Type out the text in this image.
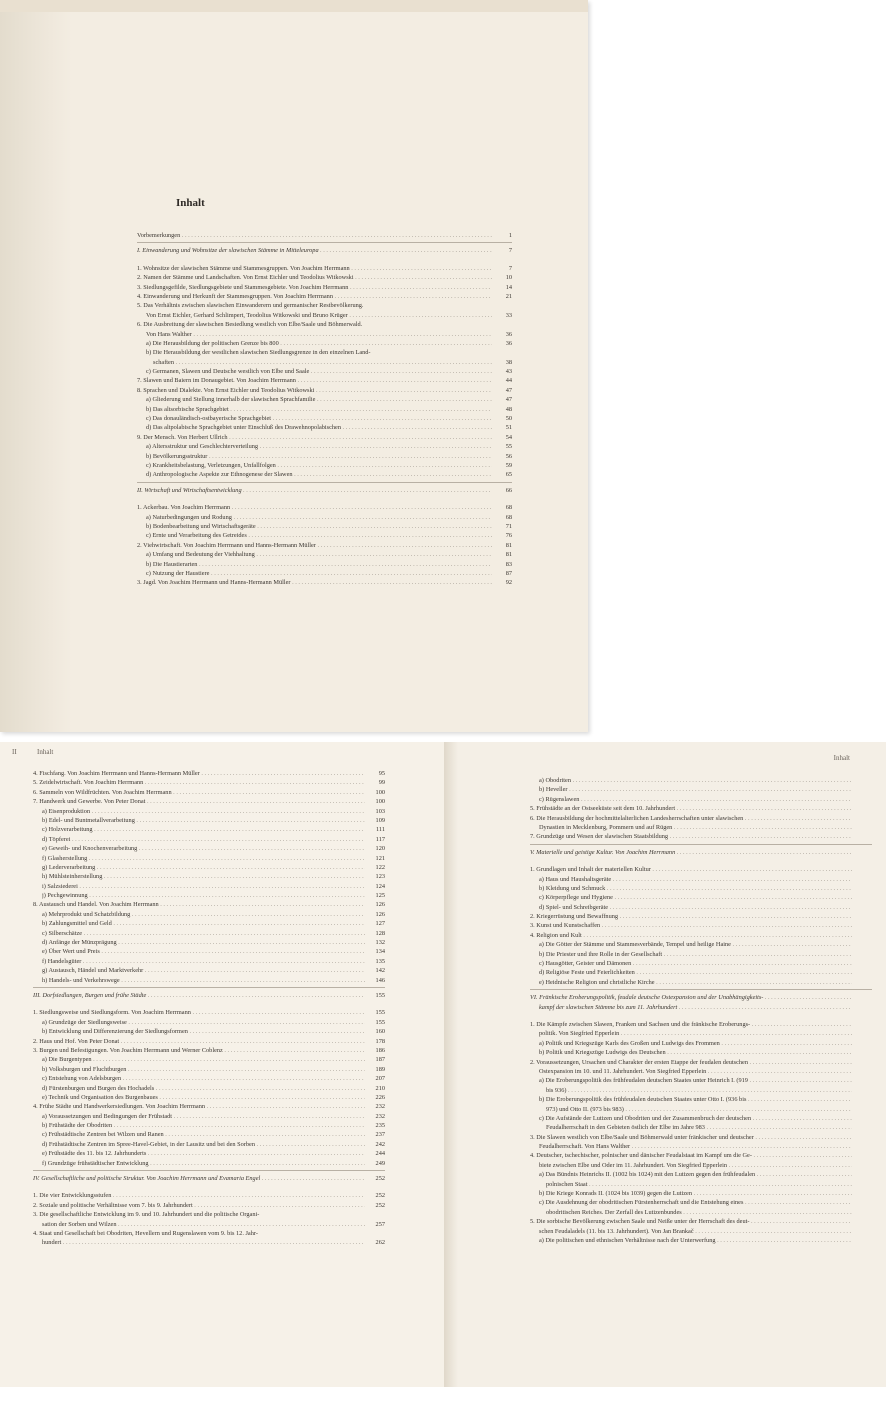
Inhalt
Vorbemerkungen . . .	1
I. Einwanderung und Wohnsitze der slawischen Stämme in Mitteleuropa . . .	7
1. Wohnsitze der slawischen Stämme und Stammesgruppen. Von Joachim Herrmann . . .	7
2. Namen der Stämme und Landschaften. Von Ernst Eichler und Teodolius Witkowski . . .	10
3. Siedlungsgefilde, Siedlungsgebiete und Stammesgebiete. Von Joachim Herrmann . . .	14
4. Einwanderung und Herkunft der Stammesgruppen. Von Joachim Herrmann . . .	21
5. Das Verhältnis zwischen slawischen Einwanderern und germanischer Restbevölkerung.
Von Ernst Eichler, Gerhard Schlimpert, Teodolius Witkowski und Bruno Krüger . . .	33
6. Die Ausbreitung der slawischen Besiedlung westlich von Elbe/Saale und Böhmerwald.
Von Hans Walther . . .	36
a) Die Herausbildung der politischen Grenze bis 800 . . .	36
b) Die Herausbildung der westlichen slawischen Siedlungsgrenze in den einzelnen Land-
schaften . . .	38
c) Germanen, Slawen und Deutsche westlich von Elbe und Saale . . .	43
7. Slawen und Baiern im Donaugebiet. Von Joachim Herrmann . . .	44
8. Sprachen und Dialekte. Von Ernst Eichler und Teodolius Witkowski . . .	47
a) Gliederung und Stellung innerhalb der slawischen Sprachfamilie . . .	47
b) Das altsorbische Sprachgebiet . . .	48
c) Das donauländisch-ostbayerische Sprachgebiet . . .	50
d) Das altpolabische Sprachgebiet unter Einschluß des Drawehnopolabischen . . .	51
9. Der Mensch. Von Herbert Ullrich . . .	54
a) Altersstruktur und Geschlechterverteilung . . .	55
b) Bevölkerungsstruktur . . .	56
c) Krankheitsbelastung, Verletzungen, Unfallfolgen . . .	59
d) Anthropologische Aspekte zur Ethnogenese der Slawen . . .	65
II. Wirtschaft und Wirtschaftsentwicklung . . .	66
1. Ackerbau. Von Joachim Herrmann . . .	68
a) Naturbedingungen und Rodung . . .	68
b) Bodenbearbeitung und Wirtschaftsgeräte . . .	71
c) Ernte und Verarbeitung des Getreides . . .	76
2. Viehwirtschaft. Von Joachim Herrmann und Hanns-Hermann Müller . . .	81
a) Umfang und Bedeutung der Viehhaltung . . .	81
b) Die Haustierarten . . .	83
c) Nutzung der Haustiere . . .	87
3. Jagd. Von Joachim Herrmann und Hanns-Hermann Müller . . .	92
II	Inhalt
4. Fischfang. Von Joachim Herrmann und Hanns-Hermann Müller . . .	95
5. Zeidelwirtschaft. Von Joachim Herrmann . . .	99
6. Sammeln von Wildfrüchten. Von Joachim Herrmann . . .	100
7. Handwerk und Gewerbe. Von Peter Donat . . .	100
a) Eisenproduktion . . .	103
b) Edel- und Buntmetallverarbeitung . . .	109
c) Holzverarbeitung . . .	111
d) Töpferei . . .	117
e) Geweih- und Knochenverarbeitung . . .	120
f) Glasherstellung . . .	121
g) Lederverarbeitung . . .	122
h) Mühlsteinherstellung . . .	123
i) Salzsiederei . . .	124
j) Pechgewinnung . . .	125
8. Austausch und Handel. Von Joachim Herrmann . . .	126
a) Mehrprodukt und Schatzbildung . . .	126
b) Zahlungsmittel und Geld . . .	127
c) Silberschätze . . .	128
d) Anfänge der Münzprägung . . .	132
e) Über Wert und Preis . . .	134
f) Handelsgüter . . .	135
g) Austausch, Händel und Marktverkehr . . .	142
h) Handels- und Verkehrswege . . .	146
III. Dorfsiedlungen, Burgen und frühe Städte . . .	155
1. Siedlungsweise und Siedlungsform. Von Joachim Herrmann . . .	155
a) Grundzüge der Siedlungsweise . . .	155
b) Entwicklung und Differenzierung der Siedlungsformen . . .	160
2. Haus und Hof. Von Peter Donat . . .	178
3. Burgen und Befestigungen. Von Joachim Herrmann und Werner Coblenz . . .	186
a) Die Burgentypen . . .	187
b) Volksburgen und Fluchtburgen . . .	189
c) Entstehung von Adelsburgen . . .	207
d) Fürstenburgen und Burgen des Hochadels . . .	210
e) Technik und Organisation des Burgenbaues . . .	226
4. Frühe Städte und Handwerkersiedlungen. Von Joachim Herrmann . . .	232
a) Voraussetzungen und Bedingungen der Frühstadt . . .	232
b) Frühstädte der Obodriten . . .	235
c) Frühstädtische Zentren bei Wilzen und Ranen . . .	237
d) Frühstädtische Zentren im Spree-Havel-Gebiet, in der Lausitz und bei den Sorben . . .	242
e) Frühstädte des 11. bis 12. Jahrhunderts . . .	244
f) Grundzüge frühstädtischer Entwicklung . . .	249
IV. Gesellschaftliche und politische Struktur. Von Joachim Herrmann und Evamaria Engel . . .	252
1. Die vier Entwicklungsstufen . . .	252
2. Soziale und politische Verhältnisse vom 7. bis 9. Jahrhundert . . .	252
3. Die gesellschaftliche Entwicklung im 9. und 10. Jahrhundert und die politische Organi-
sation der Sorben und Wilzen . . .	257
4. Staat und Gesellschaft bei Obodriten, Hevellern und Rugenslawen vom 9. bis 12. Jahr-
hundert . . .	262
Inhalt
a) Obodriten . . .
b) Heveller . . .
c) Rügenslawen . . .
5. Frühstädte an der Ostseeküste seit dem 10. Jahrhundert . . .
6. Die Herausbildung der hochmittelalterlichen Landesherrschaften unter slawischen . . .
Dynastien in Mecklenburg, Pommern und auf Rügen . . .
7. Grundzüge und Wesen der slawischen Staatsbildung . . .
V. Materielle und geistige Kultur. Von Joachim Herrmann . . .
1. Grundlagen und Inhalt der materiellen Kultur . . .
a) Haus und Haushaltsgeräte . . .
b) Kleidung und Schmuck . . .
c) Körperpflege und Hygiene . . .
d) Spiel- und Schreibgeräte . . .
2. Kriegerrüstung und Bewaffnung . . .
3. Kunst und Kunstschaffen . . .
4. Religion und Kult . . .
a) Die Götter der Stämme und Stammesverbände, Tempel und heilige Haine . . .
b) Die Priester und ihre Rolle in der Gesellschaft . . .
c) Hausgötter, Geister und Dämonen . . .
d) Religiöse Feste und Feierlichkeiten . . .
e) Heidnische Religion und christliche Kirche . . .
VI. Fränkische Eroberungspolitik, feudale deutsche Ostexpansion und der Unabhängigkeits- . . .
kampf der slawischen Stämme bis zum 11. Jahrhundert . . .
1. Die Kämpfe zwischen Slawen, Franken und Sachsen und die fränkische Eroberungs- . . .
politik. Von Siegfried Epperlein . . .
a) Politik und Kriegszüge Karls des Großen und Ludwigs des Frommen . . .
b) Politik und Kriegszüge Ludwigs des Deutschen . . .
2. Voraussetzungen, Ursachen und Charakter der ersten Etappe der feudalen deutschen . . .
Ostexpansion im 10. und 11. Jahrhundert. Von Siegfried Epperlein . . .
a) Die Eroberungspolitik des frühfeudalen deutschen Staates unter Heinrich I. (919 . . .
bis 936) . . .
b) Die Eroberungspolitik des frühfeudalen deutschen Staates unter Otto I. (936 bis . . .
973) und Otto II. (973 bis 983) . . .
c) Die Aufstände der Lutizen und Obodriten und der Zusammenbruch der deutschen . . .
Feudalherrschaft in den Gebieten östlich der Elbe im Jahre 983 . . .
3. Die Slawen westlich von Elbe/Saale und Böhmerwald unter fränkischer und deutscher . . .
Feudalherrschaft. Von Hans Walther . . .
4. Deutscher, tschechischer, polnischer und dänischer Feudalstaat im Kampf um die Ge- . . .
biete zwischen Elbe und Oder im 11. Jahrhundert. Von Siegfried Epperlein . . .
a) Das Bündnis Heinrichs II. (1002 bis 1024) mit den Lutizen gegen den frühfeudalen . . .
polnischen Staat . . .
b) Die Kriege Konrads II. (1024 bis 1039) gegen die Lutizen . . .
c) Die Ausdehnung der obodritischen Fürstenherrschaft und die Entstehung eines . . .
obodritischen Reiches. Der Zerfall des Lutizenbundes . . .
5. Die sorbische Bevölkerung zwischen Saale und Neiße unter der Herrschaft des deut- . . .
schen Feudaladels (11. bis 13. Jahrhundert). Von Jan Brankač . . .
a) Die politischen und ethnischen Verhältnisse nach der Unterwerfung . . .
